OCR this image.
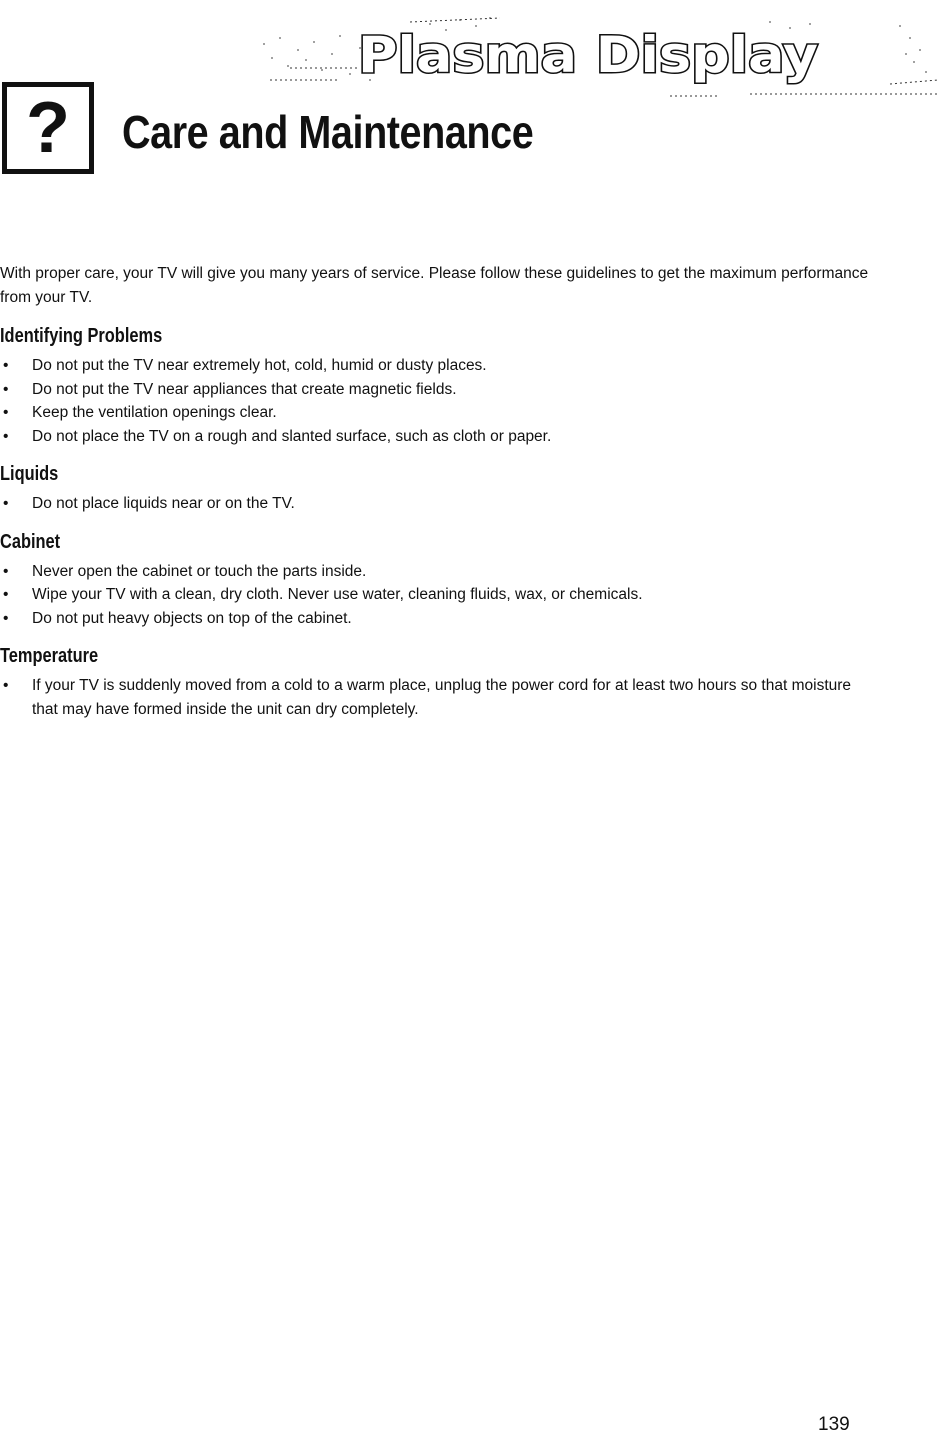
Plasma Display
?	Care and Maintenance

With proper care, your TV will give you many years of service. Please follow these guidelines to get the maximum performance from your TV.

Identifying Problems
• Do not put the TV near extremely hot, cold, humid or dusty places.
• Do not put the TV near appliances that create magnetic fields.
• Keep the ventilation openings clear.
• Do not place the TV on a rough and slanted surface, such as cloth or paper.
Liquids
• Do not place liquids near or on the TV.
Cabinet
• Never open the cabinet or touch the parts inside.
• Wipe your TV with a clean, dry cloth. Never use water, cleaning fluids, wax, or chemicals.
• Do not put heavy objects on top of the cabinet.
Temperature
• If your TV is suddenly moved from a cold to a warm place, unplug the power cord for at least two hours so that moisture that may have formed inside the unit can dry completely.
139
